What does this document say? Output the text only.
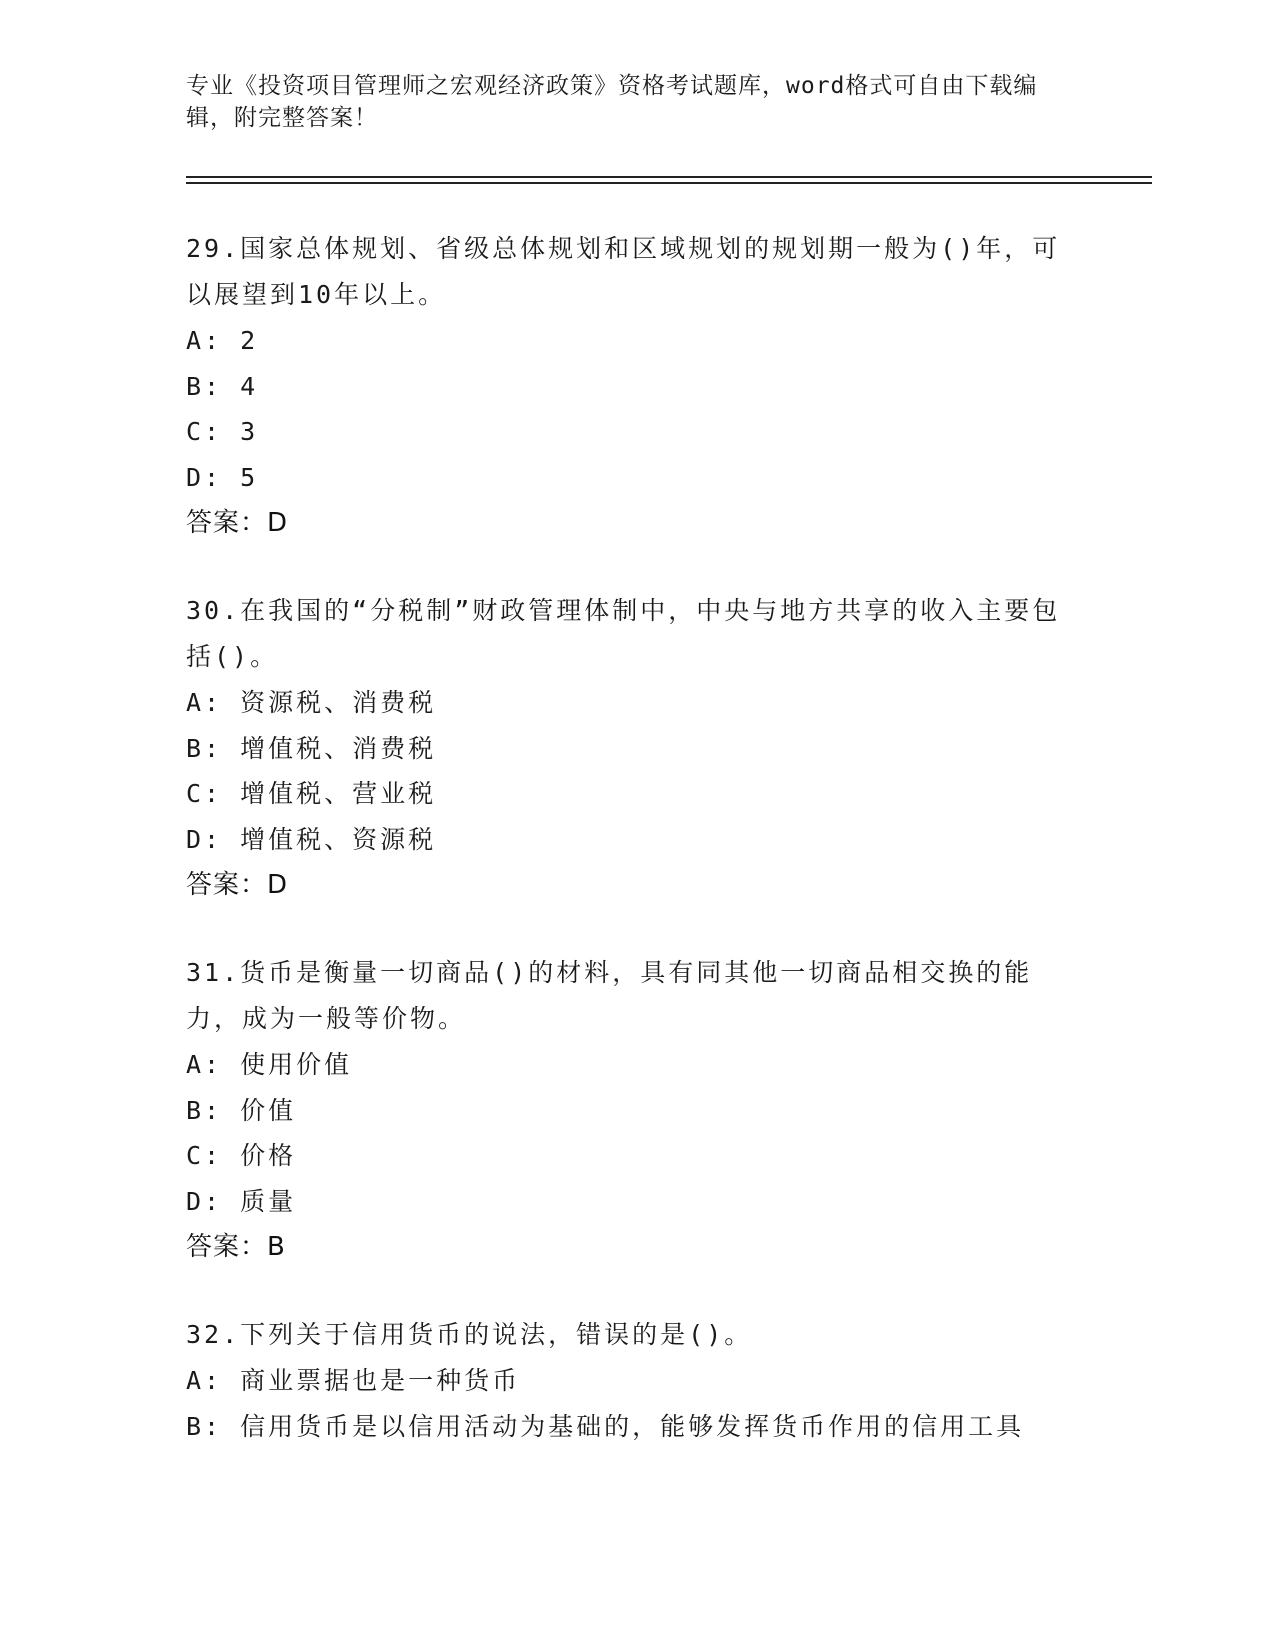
专业《投资项目管理师之宏观经济政策》资格考试题库，word格式可自由下载编辑，附完整答案！
29.国家总体规划、省级总体规划和区域规划的规划期一般为()年，可以展望到10年以上。
A: 2
B: 4
C: 3
D: 5
答案：D
30.在我国的“分税制”财政管理体制中，中央与地方共享的收入主要包括()。
A: 资源税、消费税
B: 增值税、消费税
C: 增值税、营业税
D: 增值税、资源税
答案：D
31.货币是衡量一切商品()的材料，具有同其他一切商品相交换的能力，成为一般等价物。
A: 使用价值
B: 价值
C: 价格
D: 质量
答案：B
32.下列关于信用货币的说法，错误的是()。
A: 商业票据也是一种货币
B: 信用货币是以信用活动为基础的，能够发挥货币作用的信用工具
